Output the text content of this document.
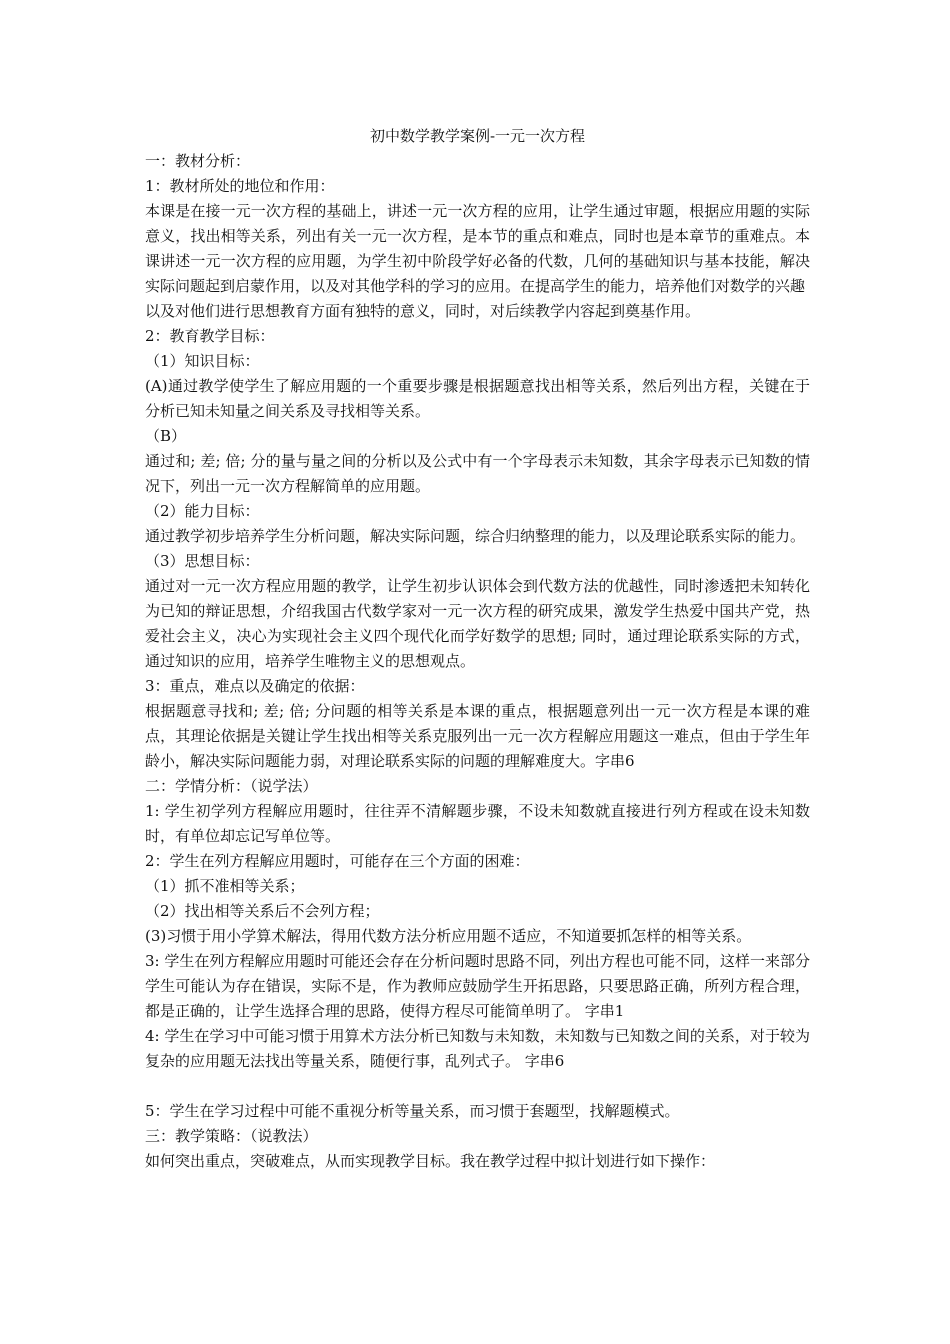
初中数学教学案例-一元一次方程

一：教材分析：

1：教材所处的地位和作用：

本课是在接一元一次方程的基础上，讲述一元一次方程的应用，让学生通过审题，根据应用题的实际意义，找出相等关系，列出有关一元一次方程，是本节的重点和难点，同时也是本章节的重难点。本课讲述一元一次方程的应用题，为学生初中阶段学好必备的代数，几何的基础知识与基本技能，解决实际问题起到启蒙作用，以及对其他学科的学习的应用。在提高学生的能力，培养他们对数学的兴趣

以及对他们进行思想教育方面有独特的意义，同时，对后续教学内容起到奠基作用。

2：教育教学目标：

（1）知识目标：

(A)通过教学使学生了解应用题的一个重要步骤是根据题意找出相等关系，然后列出方程，关键在于分析已知未知量之间关系及寻找相等关系。

（B）

通过和; 差; 倍; 分的量与量之间的分析以及公式中有一个字母表示未知数，其余字母表示已知数的情况下，列出一元一次方程解简单的应用题。

（2）能力目标：

通过教学初步培养学生分析问题，解决实际问题，综合归纳整理的能力，以及理论联系实际的能力。

（3）思想目标：

通过对一元一次方程应用题的教学，让学生初步认识体会到代数方法的优越性，同时渗透把未知转化为已知的辩证思想，介绍我国古代数学家对一元一次方程的研究成果，激发学生热爱中国共产党，热爱社会主义，决心为实现社会主义四个现代化而学好数学的思想; 同时，通过理论联系实际的方式，通过知识的应用，培养学生唯物主义的思想观点。

3：重点，难点以及确定的依据：

根据题意寻找和; 差; 倍; 分问题的相等关系是本课的重点，根据题意列出一元一次方程是本课的难点，其理论依据是关键让学生找出相等关系克服列出一元一次方程解应用题这一难点，但由于学生年龄小，解决实际问题能力弱，对理论联系实际的问题的理解难度大。字串6

二：学情分析：（说学法）

1: 学生初学列方程解应用题时，往往弄不清解题步骤，不设未知数就直接进行列方程或在设未知数时，有单位却忘记写单位等。

2：学生在列方程解应用题时，可能存在三个方面的困难：

（1）抓不准相等关系；

（2）找出相等关系后不会列方程；

(3)习惯于用小学算术解法，得用代数方法分析应用题不适应，不知道要抓怎样的相等关系。

3: 学生在列方程解应用题时可能还会存在分析问题时思路不同，列出方程也可能不同，这样一来部分学生可能认为存在错误，实际不是，作为教师应鼓励学生开拓思路，只要思路正确，所列方程合理，都是正确的，让学生选择合理的思路，使得方程尽可能简单明了。 字串1

4: 学生在学习中可能习惯于用算术方法分析已知数与未知数，未知数与已知数之间的关系，对于较为复杂的应用题无法找出等量关系，随便行事，乱列式子。 字串6

5：学生在学习过程中可能不重视分析等量关系，而习惯于套题型，找解题模式。

三：教学策略：（说教法）

如何突出重点，突破难点，从而实现教学目标。我在教学过程中拟计划进行如下操作：
